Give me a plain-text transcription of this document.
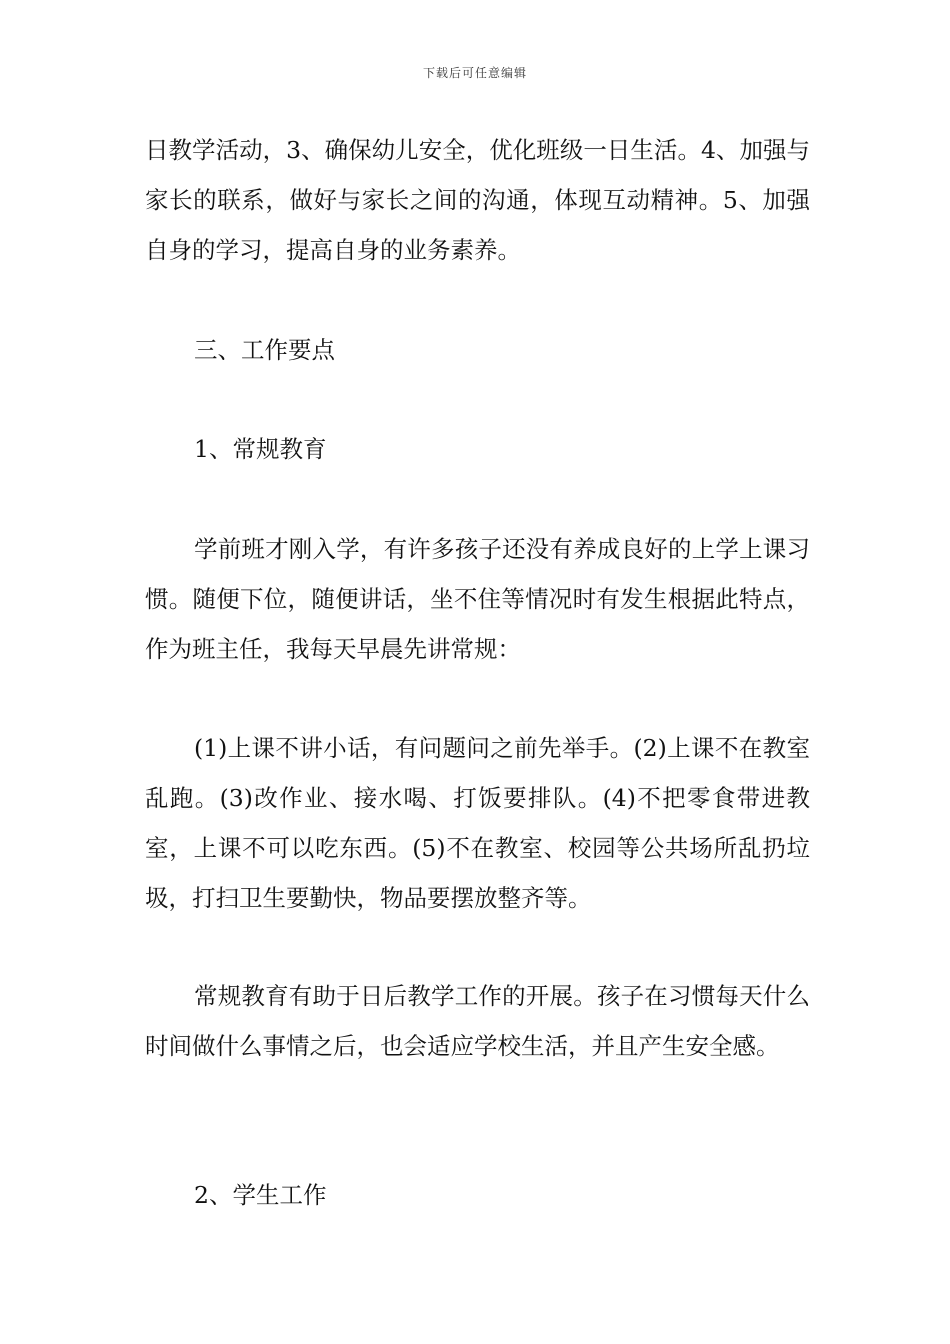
下载后可任意编辑

日教学活动，3、确保幼儿安全，优化班级一日生活。4、加强与家长的联系，做好与家长之间的沟通，体现互动精神。5、加强自身的学习，提高自身的业务素养。

三、工作要点

1、常规教育

学前班才刚入学，有许多孩子还没有养成良好的上学上课习惯。随便下位，随便讲话，坐不住等情况时有发生根据此特点，作为班主任，我每天早晨先讲常规：

(1)上课不讲小话，有问题问之前先举手。(2)上课不在教室乱跑。(3)改作业、接水喝、打饭要排队。(4)不把零食带进教室，上课不可以吃东西。(5)不在教室、校园等公共场所乱扔垃圾，打扫卫生要勤快，物品要摆放整齐等。

常规教育有助于日后教学工作的开展。孩子在习惯每天什么时间做什么事情之后，也会适应学校生活，并且产生安全感。

2、学生工作
